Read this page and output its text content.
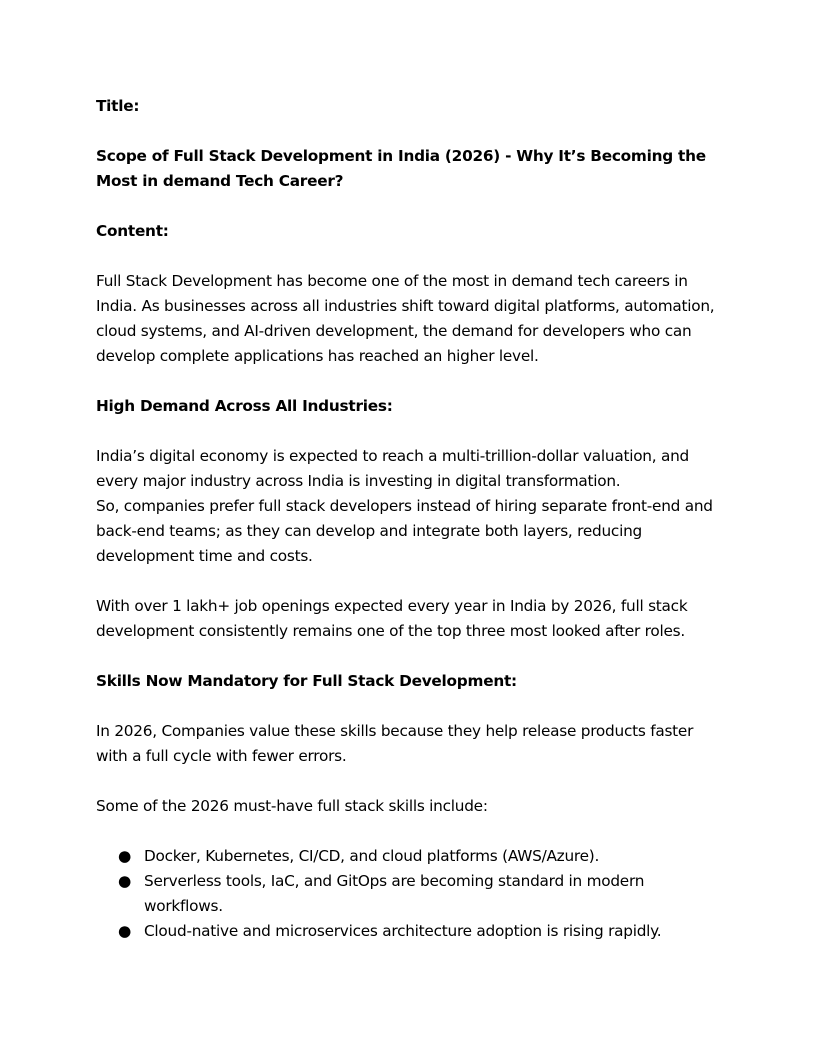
Title:

Scope of Full Stack Development in India (2026) - Why It’s Becoming the Most in demand Tech Career?

Content:

Full Stack Development has become one of the most in demand tech careers in India. As businesses across all industries shift toward digital platforms, automation, cloud systems, and AI-driven development, the demand for developers who can develop complete applications has reached an higher level.

High Demand Across All Industries:

India’s digital economy is expected to reach a multi-trillion-dollar valuation, and every major industry across India is investing in digital transformation.

So, companies prefer full stack developers instead of hiring separate front-end and back-end teams; as they can develop and integrate both layers, reducing development time and costs.

With over 1 lakh+ job openings expected every year in India by 2026, full stack development consistently remains one of the top three most looked after roles.

Skills Now Mandatory for Full Stack Development:

In 2026, Companies value these skills because they help release products faster with a full cycle with fewer errors.

Some of the 2026 must-have full stack skills include:

● Docker, Kubernetes, CI/CD, and cloud platforms (AWS/Azure).
● Serverless tools, IaC, and GitOps are becoming standard in modern workflows.
● Cloud-native and microservices architecture adoption is rising rapidly.
